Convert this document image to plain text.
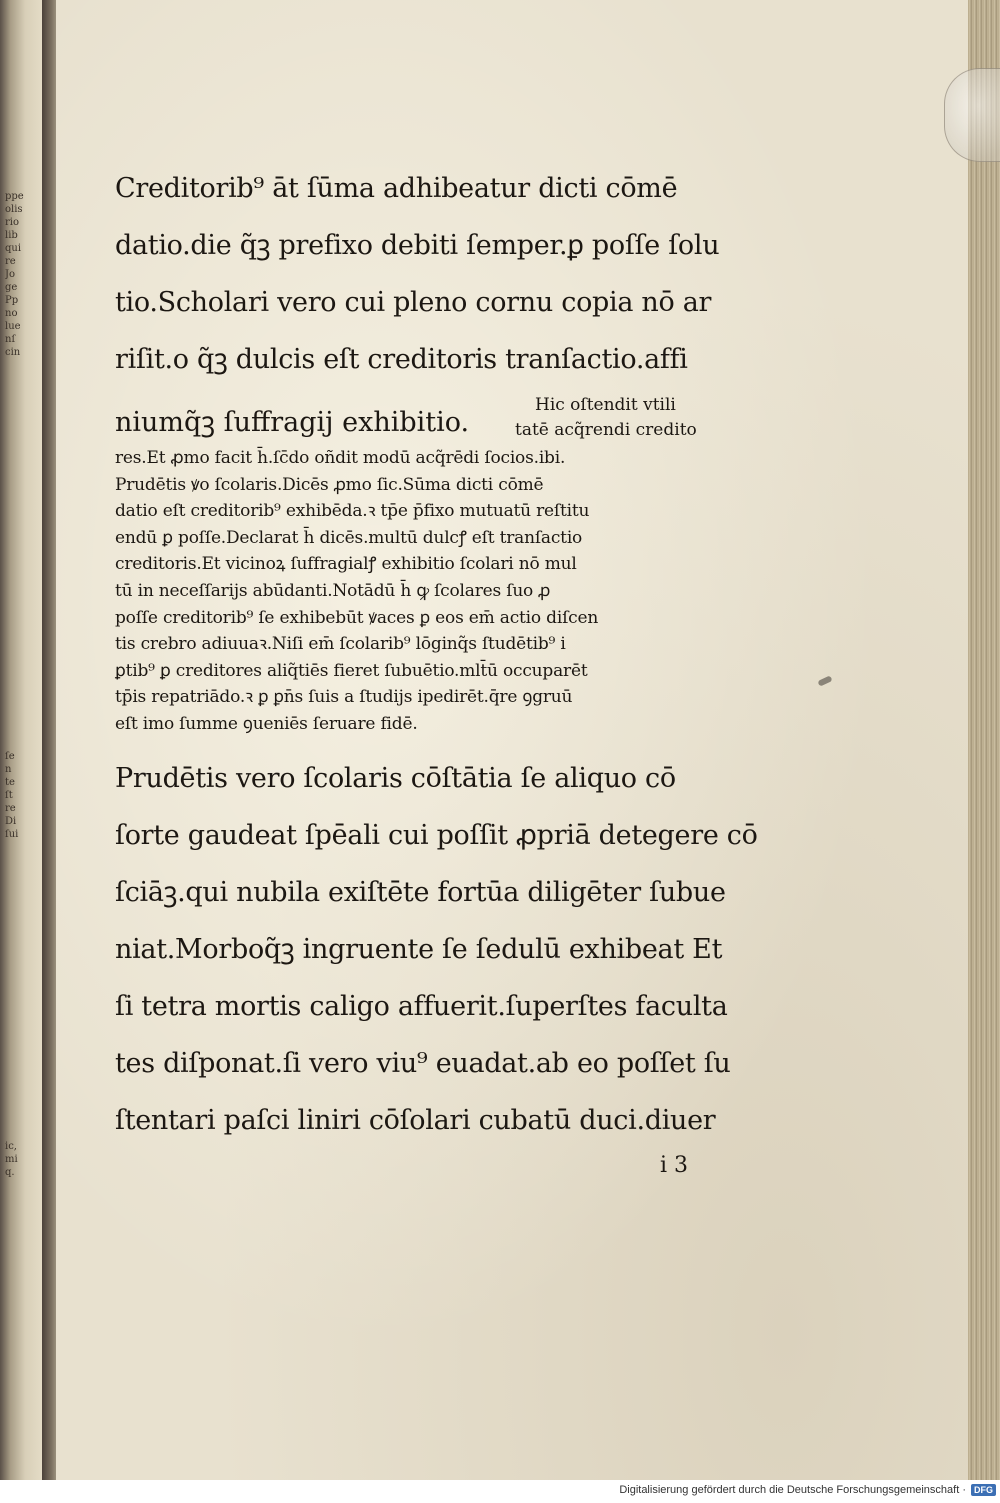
ppe
olis
rio
lib
qui
re
Jo
ge
Pp
no
lue
nſ
cin
ſe
n
te
ſt
re
Di
ſui
ic,
mi
q.
Creditorib⁹ āt ſūma adhibeatur dicti cōmē
datio.die q̃ꝫ prefixo debiti ſemper.ꝑ poſſe ſolu
tio.Scholari vero cui pleno cornu copia nō ar
riſit.o q̃ꝫ dulcis eſt creditoris tranſactio.affi
Hic oſtendit vtili
niumq̃ꝫ ſuffragij exhibitio.	tatē acq̃rendi credito
res.Et ꝓmo facit h̄.ſc̄do oñdit modū acq̃rēdi ſocios.ibi.
Prudētis ꝟo ſcolaris.Dicēs ꝓmo ſic.Sūma dicti cōmē
datio eſt creditorib⁹ exhibēda.ꝛ tp̄e p̄fixo mutuatū reſtitu
endū ꝑ poſſe.Declarat h̄ dicēs.multū dulcꝭ eſt tranſactio
creditoris.Et vicinoꝝ ſuffragialꝭ exhibitio ſcolari nō mul
tū in neceſſarijs abūdanti.Notādū h̄ ꝙ ſcolares ſuo ꝓ
poſſe creditorib⁹ ſe exhibebūt ꝟaces ꝑ eos em̄ actio diſcen
tis crebro adiuuaꝛ.Niſi em̄ ſcolarib⁹ lōginq̃s ſtudētib⁹ i
ꝑtib⁹ ꝑ creditores aliq̃tiēs fieret ſubuētio.mlt̄ū occuparēt
tp̄is repatriādo.ꝛ ꝑ ꝑn̄s ſuis a ſtudijs ipedirēt.q̄re ꝯgruū
eſt imo ſumme ꝯueniēs ſeruare fidē.
Prudētis vero ſcolaris cōſtātia ſe aliquo cō
ſorte gaudeat ſpēali cui poſſit ꝓpriā detegere cō
ſciāꝫ.qui nubila exiſtēte fortūa diligēter ſubue
niat.Morboq̃ꝫ ingruente ſe ſedulū exhibeat Et
ſi tetra mortis caligo affuerit.ſuperſtes faculta
tes diſponat.ſi vero viu⁹ euadat.ab eo poſſet ſu
ſtentari paſci liniri cōſolari cubatū duci.diuer
i 3
Digitalisierung gefördert durch die Deutsche Forschungsgemeinschaft · DFG
